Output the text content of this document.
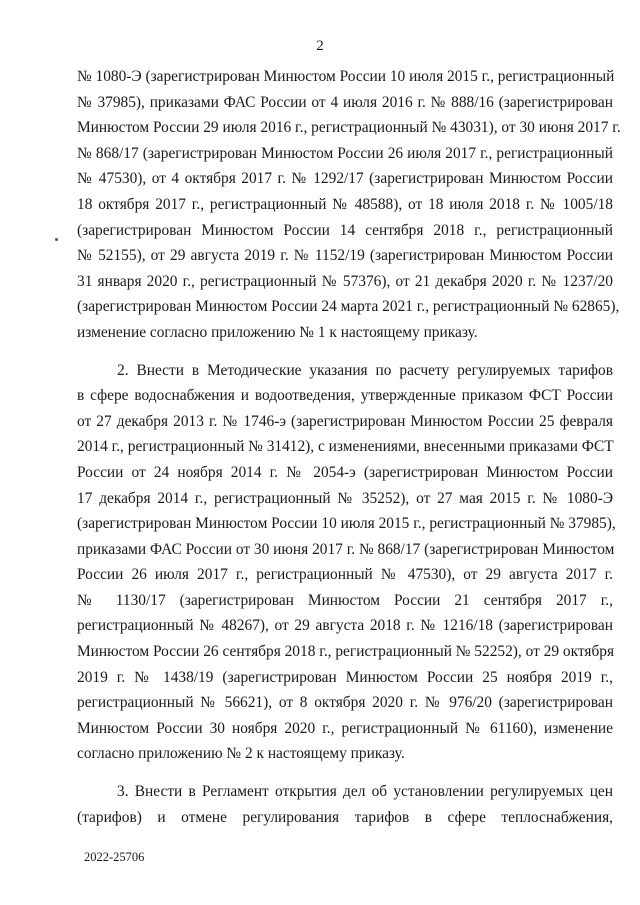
2
№ 1080-Э (зарегистрирован Минюстом России 10 июля 2015 г., регистрационный
№ 37985), приказами ФАС России от 4 июля 2016 г. № 888/16 (зарегистрирован
Минюстом России 29 июля 2016 г., регистрационный № 43031), от 30 июня 2017 г.
№ 868/17 (зарегистрирован Минюстом России 26 июля 2017 г., регистрационный
№ 47530), от 4 октября 2017 г. № 1292/17 (зарегистрирован Минюстом России
18 октября 2017 г., регистрационный № 48588), от 18 июля 2018 г. № 1005/18
(зарегистрирован Минюстом России 14 сентября 2018 г., регистрационный
№ 52155), от 29 августа 2019 г. № 1152/19 (зарегистрирован Минюстом России
31 января 2020 г., регистрационный № 57376), от 21 декабря 2020 г. № 1237/20
(зарегистрирован Минюстом России 24 марта 2021 г., регистрационный № 62865),
изменение согласно приложению № 1 к настоящему приказу.
2. Внести в Методические указания по расчету регулируемых тарифов
в сфере водоснабжения и водоотведения, утвержденные приказом ФСТ России
от 27 декабря 2013 г. № 1746-э (зарегистрирован Минюстом России 25 февраля
2014 г., регистрационный № 31412), с изменениями, внесенными приказами ФСТ
России от 24 ноября 2014 г. № 2054-э (зарегистрирован Минюстом России
17 декабря 2014 г., регистрационный № 35252), от 27 мая 2015 г. № 1080-Э
(зарегистрирован Минюстом России 10 июля 2015 г., регистрационный № 37985),
приказами ФАС России от 30 июня 2017 г. № 868/17 (зарегистрирован Минюстом
России 26 июля 2017 г., регистрационный № 47530), от 29 августа 2017 г.
№ 1130/17 (зарегистрирован Минюстом России 21 сентября 2017 г.,
регистрационный № 48267), от 29 августа 2018 г. № 1216/18 (зарегистрирован
Минюстом России 26 сентября 2018 г., регистрационный № 52252), от 29 октября
2019 г. № 1438/19 (зарегистрирован Минюстом России 25 ноября 2019 г.,
регистрационный № 56621), от 8 октября 2020 г. № 976/20 (зарегистрирован
Минюстом России 30 ноября 2020 г., регистрационный № 61160), изменение
согласно приложению № 2 к настоящему приказу.
3. Внести в Регламент открытия дел об установлении регулируемых цен
(тарифов) и отмене регулирования тарифов в сфере теплоснабжения,
2022-25706
